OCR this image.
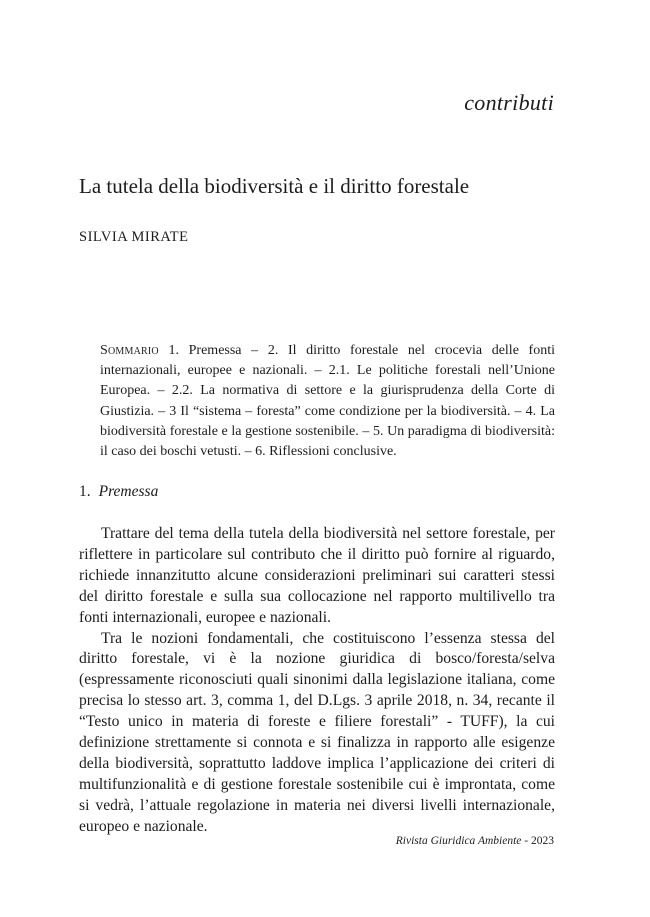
contributi
La tutela della biodiversità e il diritto forestale
SILVIA MIRATE

Sommario 1. Premessa – 2. Il diritto forestale nel crocevia delle fonti internazionali, europee e nazionali. – 2.1. Le politiche forestali nell’Unione Europea. – 2.2. La normativa di settore e la giurisprudenza della Corte di Giustizia. – 3 Il “sistema – foresta” come condizione per la biodiversità. – 4. La biodiversità forestale e la gestione sostenibile. – 5. Un paradigma di biodiversità: il caso dei boschi vetusti. – 6. Riflessioni conclusive.

1. Premessa

Trattare del tema della tutela della biodiversità nel settore forestale, per riflettere in particolare sul contributo che il diritto può fornire al riguardo, richiede innanzitutto alcune considerazioni preliminari sui caratteri stessi del diritto forestale e sulla sua collocazione nel rapporto multilivello tra fonti internazionali, europee e nazionali.

Tra le nozioni fondamentali, che costituiscono l’essenza stessa del diritto forestale, vi è la nozione giuridica di bosco/foresta/selva (espressamente riconosciuti quali sinonimi dalla legislazione italiana, come precisa lo stesso art. 3, comma 1, del D.Lgs. 3 aprile 2018, n. 34, recante il “Testo unico in materia di foreste e filiere forestali” - TUFF), la cui definizione strettamente si connota e si finalizza in rapporto alle esigenze della biodiversità, soprattutto laddove implica l’applicazione dei criteri di multifunzionalità e di gestione forestale sostenibile cui è improntata, come si vedrà, l’attuale regolazione in materia nei diversi livelli internazionale, europeo e nazionale.

Rivista Giuridica Ambiente - 2023
